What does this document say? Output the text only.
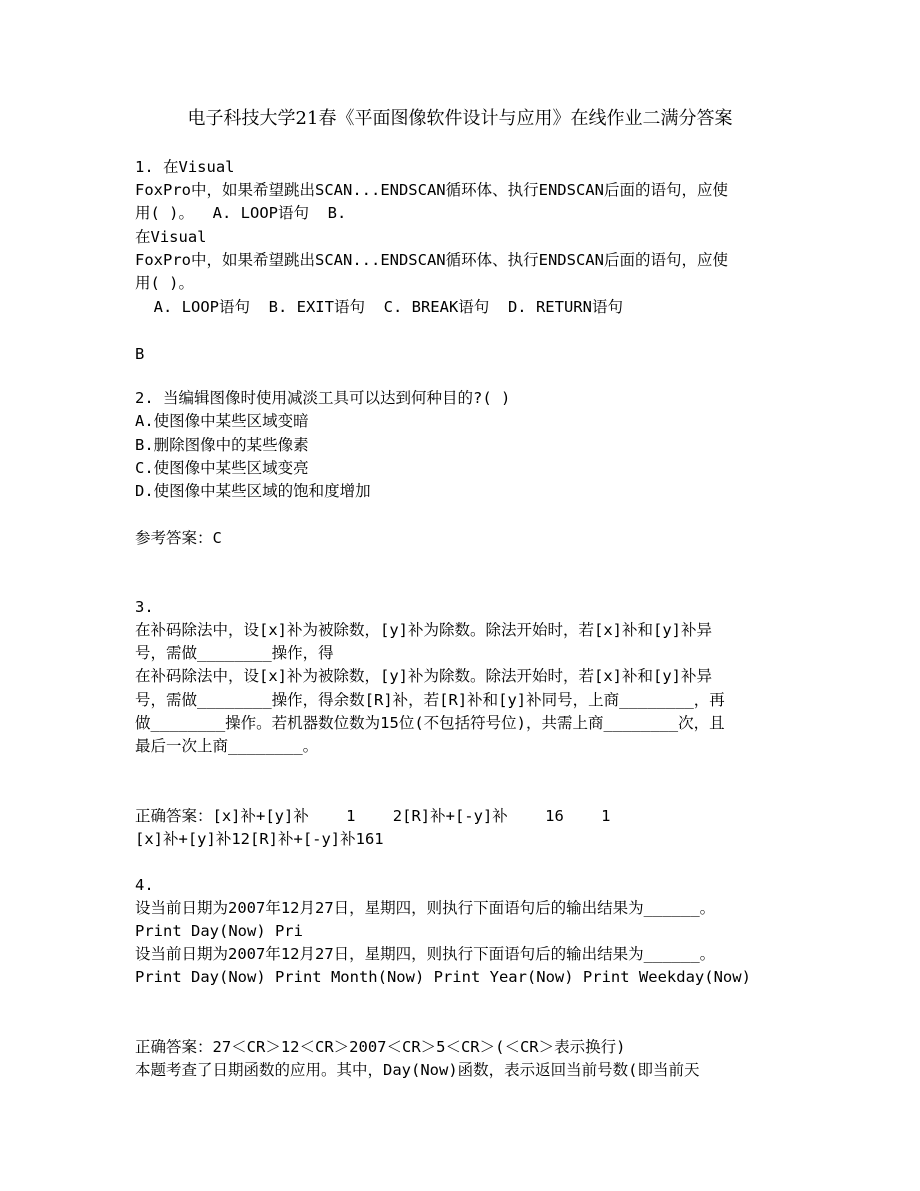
电子科技大学21春《平面图像软件设计与应用》在线作业二满分答案
1. 在Visual
FoxPro中，如果希望跳出SCAN...ENDSCAN循环体、执行ENDSCAN后面的语句，应使
用( )。  A. LOOP语句  B.
在Visual
FoxPro中，如果希望跳出SCAN...ENDSCAN循环体、执行ENDSCAN后面的语句，应使
用( )。
A. LOOP语句  B. EXIT语句  C. BREAK语句  D. RETURN语句
B
2. 当编辑图像时使用减淡工具可以达到何种目的?( )
A.使图像中某些区域变暗
B.删除图像中的某些像素
C.使图像中某些区域变亮
D.使图像中某些区域的饱和度增加
参考答案：C
3.
在补码除法中，设[x]补为被除数，[y]补为除数。除法开始时，若[x]补和[y]补异
号，需做________操作，得
在补码除法中，设[x]补为被除数，[y]补为除数。除法开始时，若[x]补和[y]补异
号，需做________操作，得余数[R]补，若[R]补和[y]补同号，上商________，再
做________操作。若机器数位数为15位(不包括符号位)，共需上商________次，且
最后一次上商________。
正确答案：[x]补+[y]补    1    2[R]补+[-y]补    16    1
[x]补+[y]补12[R]补+[-y]补161
4.
设当前日期为2007年12月27日，星期四，则执行下面语句后的输出结果为______。
Print Day(Now) Pri
设当前日期为2007年12月27日，星期四，则执行下面语句后的输出结果为______。
Print Day(Now) Print Month(Now) Print Year(Now) Print Weekday(Now)
正确答案：27＜CR＞12＜CR＞2007＜CR＞5＜CR＞(＜CR＞表示换行)
本题考查了日期函数的应用。其中，Day(Now)函数，表示返回当前号数(即当前天
